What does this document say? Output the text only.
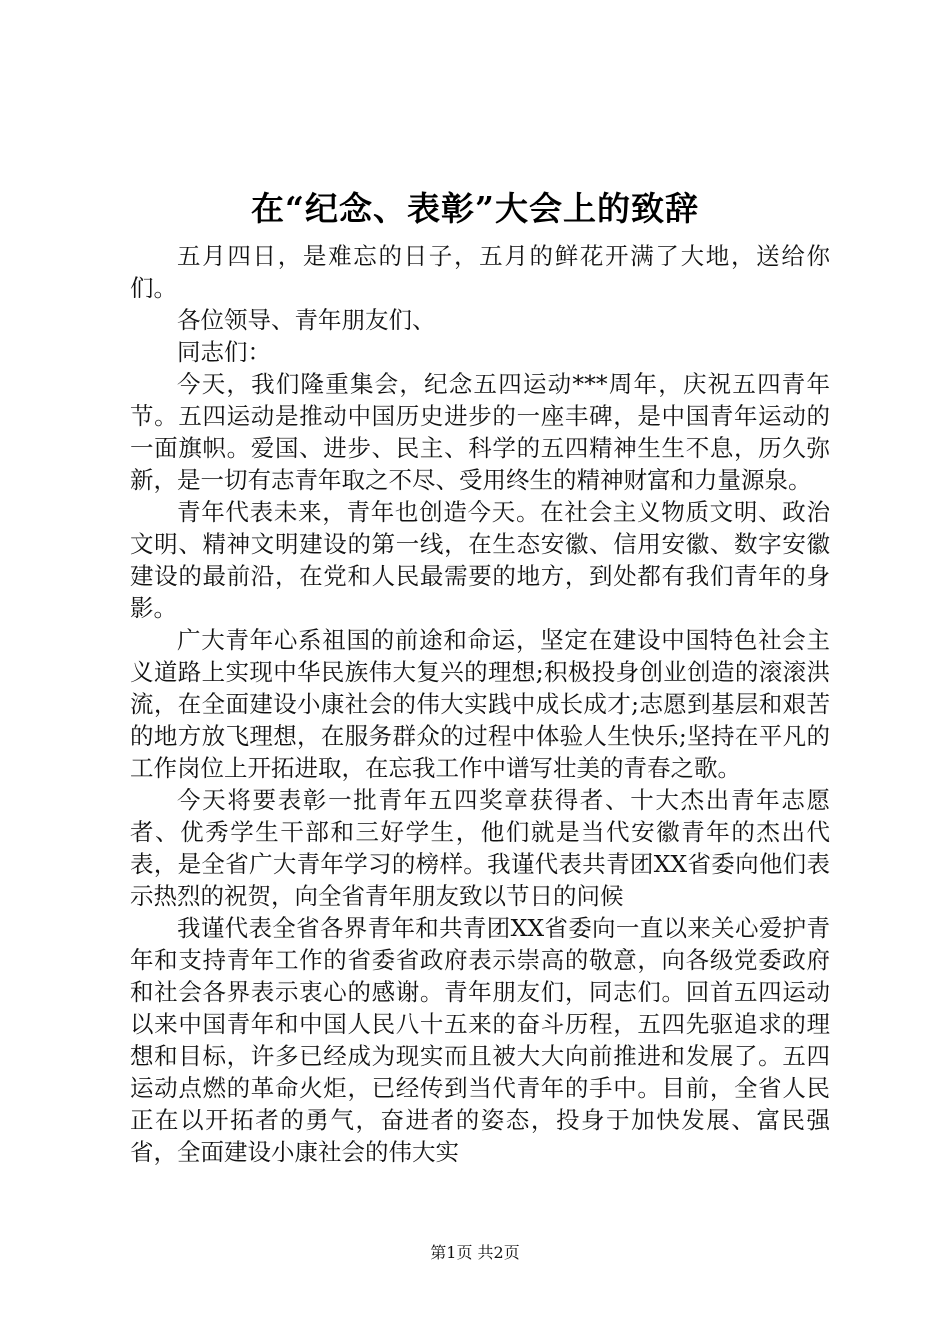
在“纪念、表彰”大会上的致辞

五月四日，是难忘的日子，五月的鲜花开满了大地，送给你们。

各位领导、青年朋友们、

同志们：

今天，我们隆重集会，纪念五四运动***周年，庆祝五四青年节。五四运动是推动中国历史进步的一座丰碑，是中国青年运动的一面旗帜。爱国、进步、民主、科学的五四精神生生不息，历久弥新，是一切有志青年取之不尽、受用终生的精神财富和力量源泉。

青年代表未来，青年也创造今天。在社会主义物质文明、政治文明、精神文明建设的第一线，在生态安徽、信用安徽、数字安徽建设的最前沿，在党和人民最需要的地方，到处都有我们青年的身影。

广大青年心系祖国的前途和命运，坚定在建设中国特色社会主义道路上实现中华民族伟大复兴的理想;积极投身创业创造的滚滚洪流，在全面建设小康社会的伟大实践中成长成才;志愿到基层和艰苦的地方放飞理想，在服务群众的过程中体验人生快乐;坚持在平凡的工作岗位上开拓进取，在忘我工作中谱写壮美的青春之歌。

今天将要表彰一批青年五四奖章获得者、十大杰出青年志愿者、优秀学生干部和三好学生，他们就是当代安徽青年的杰出代表，是全省广大青年学习的榜样。我谨代表共青团XX省委向他们表示热烈的祝贺，向全省青年朋友致以节日的问候

我谨代表全省各界青年和共青团XX省委向一直以来关心爱护青年和支持青年工作的省委省政府表示崇高的敬意，向各级党委政府和社会各界表示衷心的感谢。青年朋友们，同志们。回首五四运动以来中国青年和中国人民八十五来的奋斗历程，五四先驱追求的理想和目标，许多已经成为现实而且被大大向前推进和发展了。五四运动点燃的革命火炬，已经传到当代青年的手中。目前，全省人民正在以开拓者的勇气，奋进者的姿态，投身于加快发展、富民强省，全面建设小康社会的伟大实

第1页 共2页
